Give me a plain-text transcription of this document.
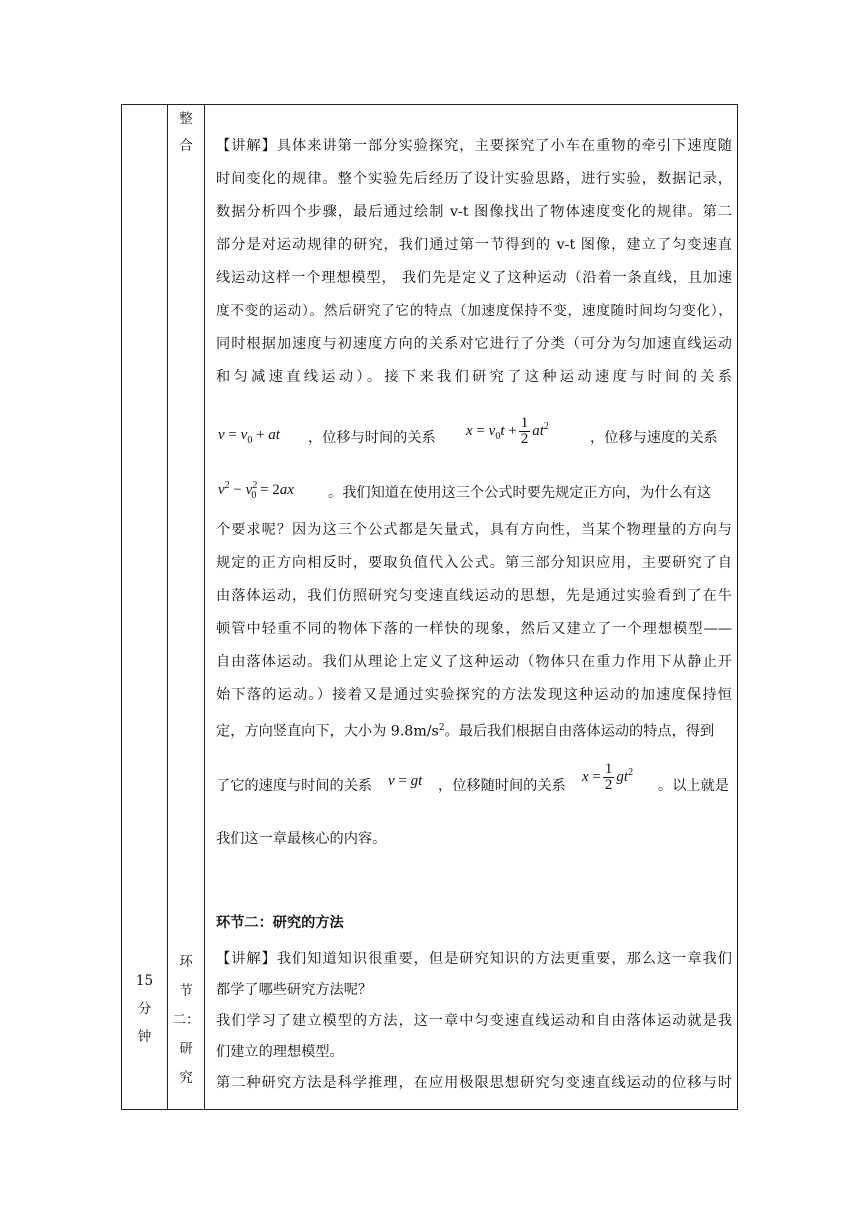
15
分
钟
整
合
环
节
二：
研
究
【讲解】具体来讲第一部分实验探究，主要探究了小车在重物的牵引下速度随
时间变化的规律。整个实验先后经历了设计实验思路，进行实验，数据记录，
数据分析四个步骤，最后通过绘制 v-t 图像找出了物体速度变化的规律。第二
部分是对运动规律的研究，我们通过第一节得到的 v-t 图像，建立了匀变速直
线运动这样一个理想模型， 我们先是定义了这种运动（沿着一条直线，且加速
度不变的运动）。然后研究了它的特点（加速度保持不变，速度随时间均匀变化），
同时根据加速度与初速度方向的关系对它进行了分类（可分为匀加速直线运动
和匀减速直线运动）。接下来我们研究了这种运动速度与时间的关系
$v = v_0$ + at ，位移与时间的关系 $x = v_0t + \frac{1}{2} at^2$
，位移与速度的关系
$v^2 - v^2_0 = 2ax$ 。我们知道在使用这三个公式时要先规定正方向，为什么有这
个要求呢？因为这三个公式都是矢量式，具有方向性，当某个物理量的方向与
规定的正方向相反时，要取负值代入公式。第三部分知识应用，主要研究了自
由落体运动，我们仿照研究匀变速直线运动的思想，先是通过实验看到了在牛
顿管中轻重不同的物体下落的一样快的现象，然后又建立了一个理想模型——
自由落体运动。我们从理论上定义了这种运动（物体只在重力作用下从静止开
始下落的运动。）接着又是通过实验探究的方法发现这种运动的加速度保持恒
定，方向竖直向下，大小为 $9.8m/s^2$。最后我们根据自由落体运动的特点，得到
了它的速度与时间的关系 v = gt ，位移随时间的关系
$x = \frac{1}{2} gt^2$
。以上就是
我们这一章最核心的内容。
环节二：研究的方法
【讲解】我们知道知识很重要，但是研究知识的方法更重要，那么这一章我们
都学了哪些研究方法呢？
我们学习了建立模型的方法，这一章中匀变速直线运动和自由落体运动就是我
们建立的理想模型。
第二种研究方法是科学推理，在应用极限思想研究匀变速直线运动的位移与时
